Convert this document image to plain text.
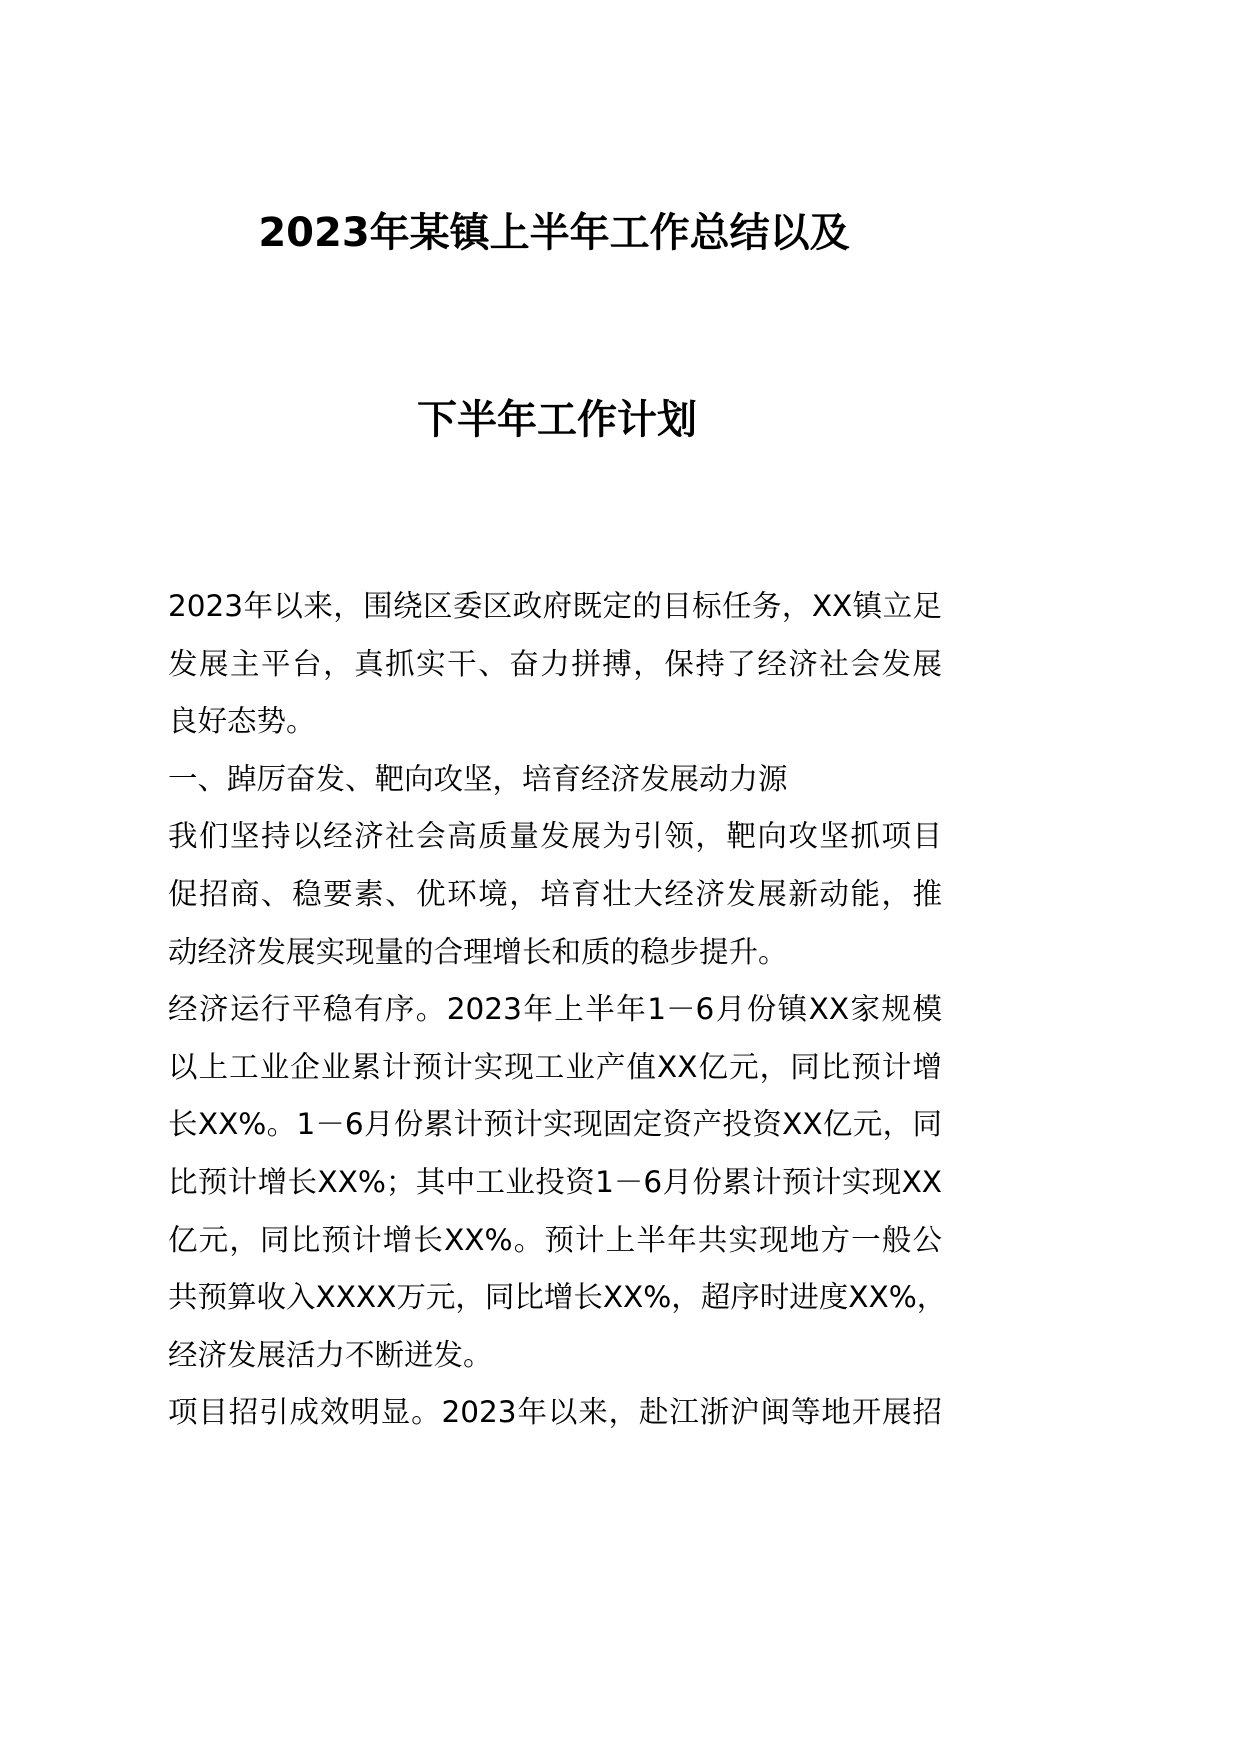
2023年某镇上半年工作总结以及
下半年工作计划
2023年以来，围绕区委区政府既定的目标任务，XX镇立足
发展主平台，真抓实干、奋力拼搏，保持了经济社会发展
良好态势。
一、踔厉奋发、靶向攻坚，培育经济发展动力源
我们坚持以经济社会高质量发展为引领，靶向攻坚抓项目
促招商、稳要素、优环境，培育壮大经济发展新动能，推
动经济发展实现量的合理增长和质的稳步提升。
经济运行平稳有序。2023年上半年1－6月份镇XX家规模
以上工业企业累计预计实现工业产值XX亿元，同比预计增
长XX%。1－6月份累计预计实现固定资产投资XX亿元，同
比预计增长XX%；其中工业投资1－6月份累计预计实现XX
亿元，同比预计增长XX%。预计上半年共实现地方一般公
共预算收入XXXX万元，同比增长XX%，超序时进度XX%，
经济发展活力不断迸发。
项目招引成效明显。2023年以来，赴江浙沪闽等地开展招
